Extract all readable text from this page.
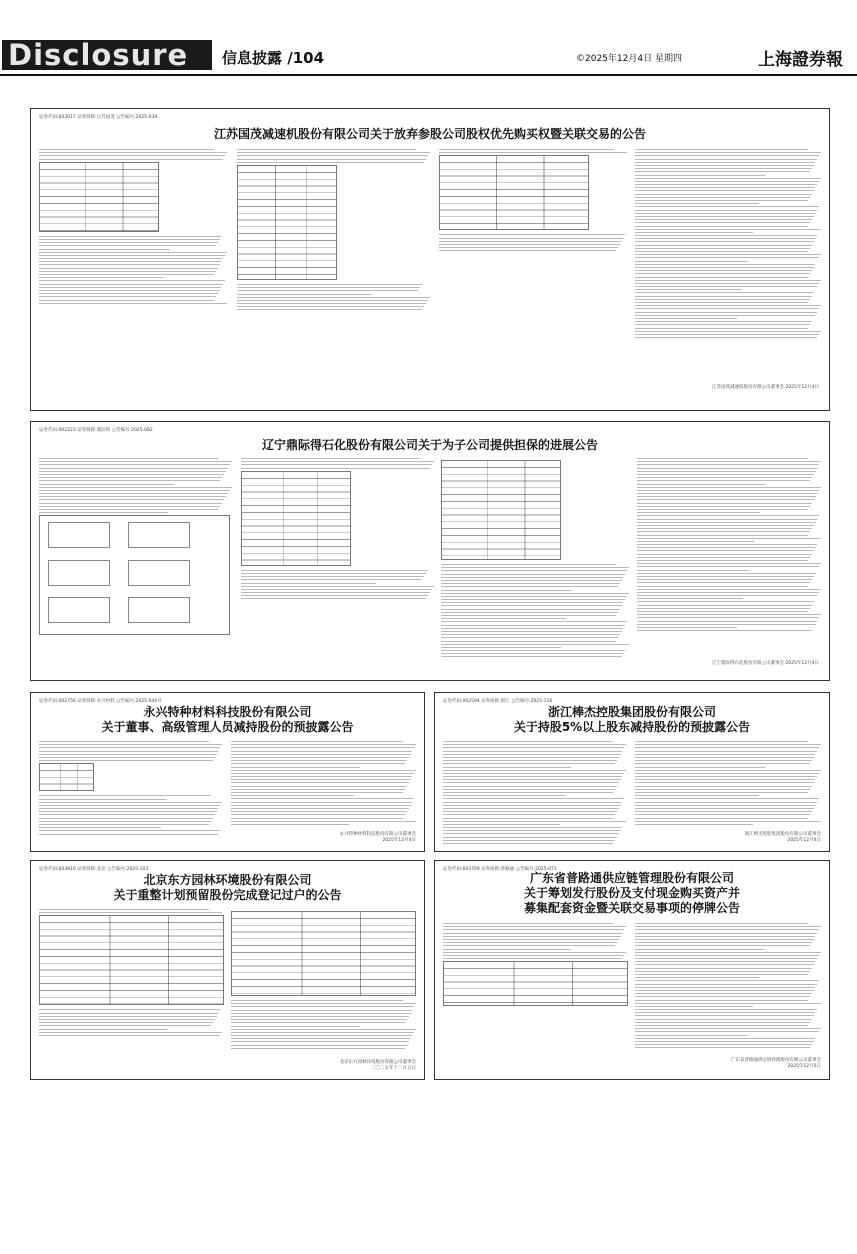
Disclosure 信息披露 /104	©2025年12月4日 星期四	上海證券報
证券代码:603017 证券简称:江苏国茂 公告编号:2025-039
江苏国茂减速机股份有限公司关于放弃参股公司股权优先购买权暨关联交易的公告
江苏国茂减速机股份有限公司董事会 2025年12月4日
证券代码:002223 证券简称:鼎际得 公告编号:2025-082
辽宁鼎际得石化股份有限公司关于为子公司提供担保的进展公告
辽宁鼎际得石化股份有限公司董事会 2025年12月4日
证券代码:002756 证券简称:永兴材料 公告编号:2025-040号
永兴特种材料科技股份有限公司
关于董事、高级管理人员减持股份的预披露公告
永兴特种材料科技股份有限公司董事会
2025年12月4日
证券代码:002594 证券简称:浙江 公告编号:2025-116
浙江棒杰控股集团股份有限公司
关于持股5%以上股东减持股份的预披露公告
浙江棒杰控股集团股份有限公司董事会
2025年12月4日
证券代码:603810 证券简称:北京 公告编号:2025-103
北京东方园林环境股份有限公司
关于重整计划预留股份完成登记过户的公告
北京东方园林环境股份有限公司董事会
二〇二五年十二月五日
证券代码:603709 证券简称:普路通 公告编号:2025-071
广东省普路通供应链管理股份有限公司
关于筹划发行股份及支付现金购买资产并
募集配套资金暨关联交易事项的停牌公告
广东省普路通供应链管理股份有限公司董事会
2025年12月5日
